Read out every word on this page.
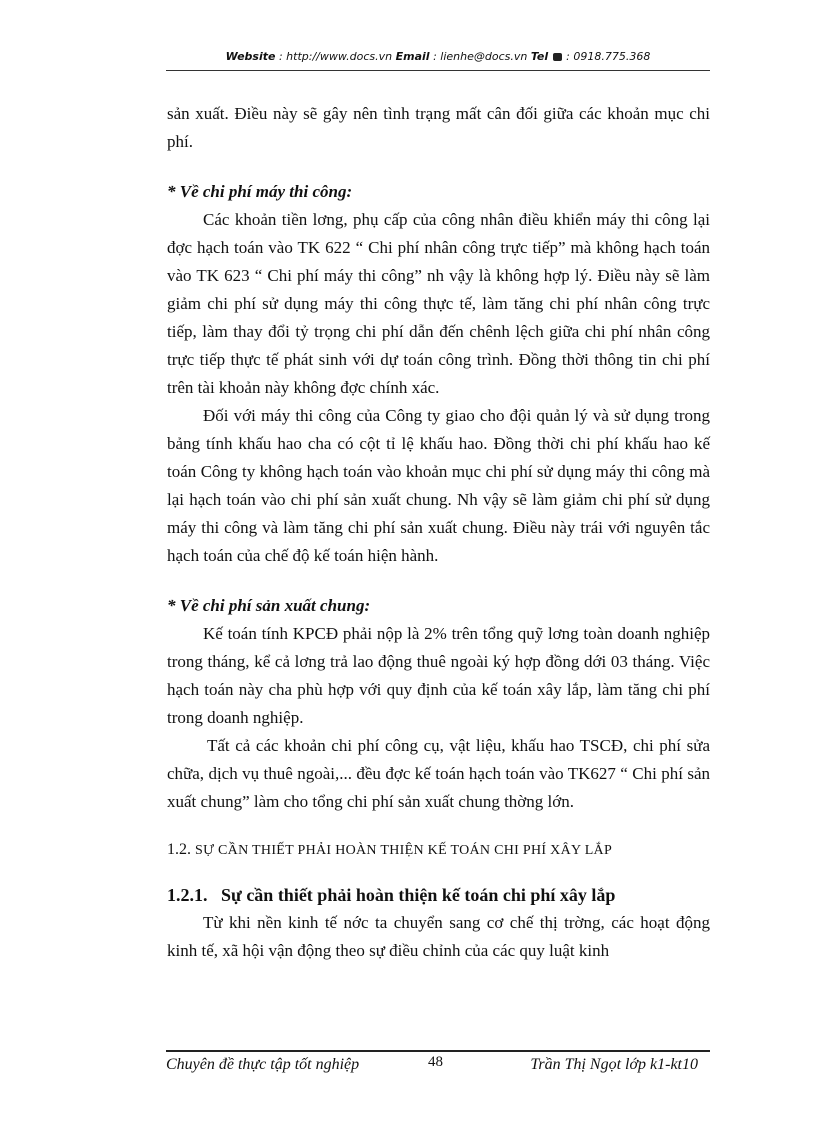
Website : http://www.docs.vn Email : lienhe@docs.vn Tel : 0918.775.368

sản xuất. Điều này sẽ gây nên tình trạng mất cân đối giữa các khoản mục chi phí.

* Về chi phí máy thi công:

Các khoản tiền lơng, phụ cấp của công nhân điều khiển máy thi công lại đợc hạch toán vào TK 622 “ Chi phí nhân công trực tiếp” mà không hạch toán vào TK 623 “ Chi phí máy thi công” nh vậy là không hợp lý. Điều này sẽ làm giảm chi phí sử dụng máy thi công thực tế, làm tăng chi phí nhân công trực tiếp, làm thay đổi tỷ trọng chi phí dẫn đến chênh lệch giữa chi phí nhân công trực tiếp thực tế phát sinh với dự toán công trình. Đồng thời thông tin chi phí trên tài khoản này không đợc chính xác.

Đối với máy thi công của Công ty giao cho đội quản lý và sử dụng trong bảng tính khấu hao cha có cột tỉ lệ khấu hao. Đồng thời chi phí khấu hao kế toán Công ty không hạch toán vào khoản mục chi phí sử dụng máy thi công mà lại hạch toán vào chi phí sản xuất chung. Nh vậy sẽ làm giảm chi phí sử dụng máy thi công và làm tăng chi phí sản xuất chung. Điều này trái với nguyên tắc hạch toán của chế độ kế toán hiện hành.

* Về chi phí sản xuất chung:

Kế toán tính KPCĐ phải nộp là 2% trên tổng quỹ lơng toàn doanh nghiệp trong tháng, kể cả lơng trả lao động thuê ngoài ký hợp đồng dới 03 tháng. Việc hạch toán này cha phù hợp với quy định của kế toán xây lắp, làm tăng chi phí trong doanh nghiệp.

Tất cả các khoản chi phí công cụ, vật liệu, khấu hao TSCĐ, chi phí sửa chữa, dịch vụ thuê ngoài,... đều đợc kế toán hạch toán vào TK627 “ Chi phí sản xuất chung” làm cho tổng chi phí sản xuất chung thờng lớn.

1.2. SỰ CẦN THIẾT PHẢI HOÀN THIỆN KẾ TOÁN CHI PHÍ XÂY LẮP

1.2.1. Sự cần thiết phải hoàn thiện kế toán chi phí xây lắp

Từ khi nền kinh tế nớc ta chuyển sang cơ chế thị trờng, các hoạt động kinh tế, xã hội vận động theo sự điều chỉnh của các quy luật kinh

Chuyên đề thực tập tốt nghiệp	48	Trần Thị Ngọt lớp k1-kt10
